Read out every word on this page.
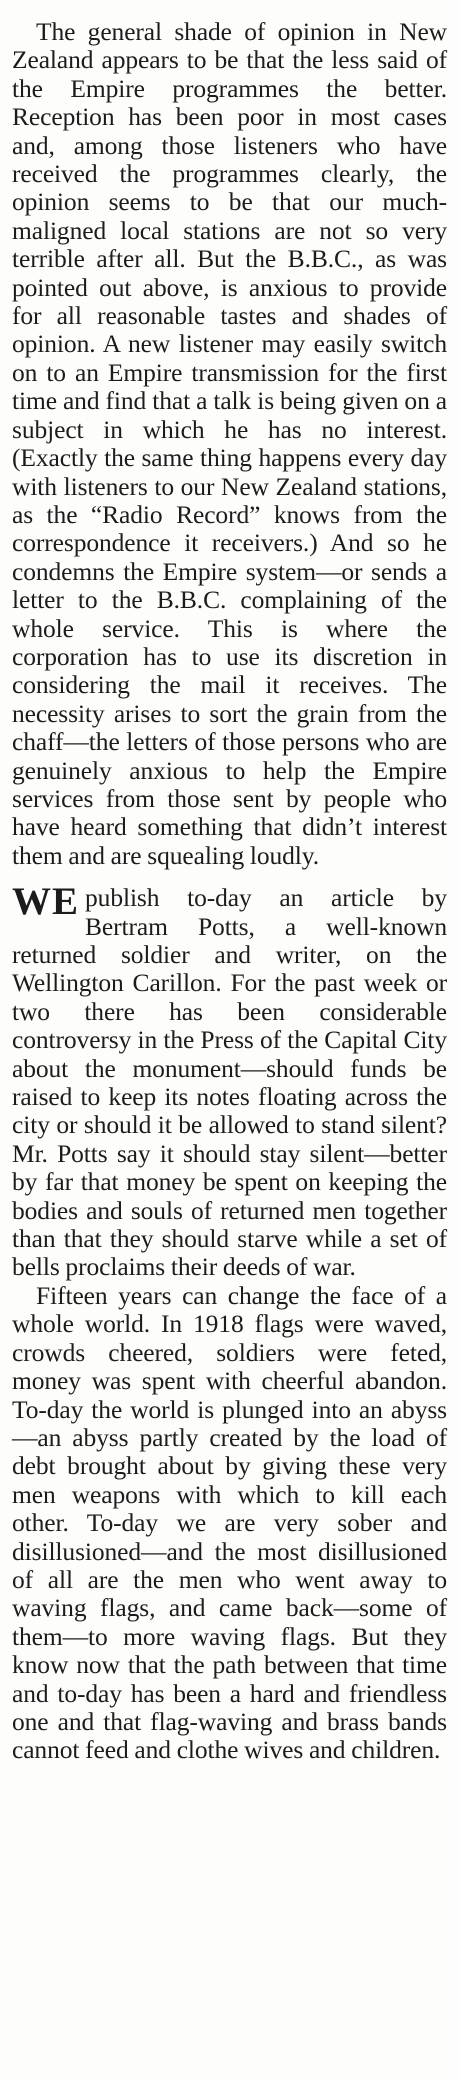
The general shade of opinion in New Zealand appears to be that the less said of the Empire programmes the better. Reception has been poor in most cases and, among those listeners who have received the programmes clearly, the opinion seems to be that our much-maligned local stations are not so very terrible after all. But the B.B.C., as was pointed out above, is anxious to provide for all reasonable tastes and shades of opinion. A new listener may easily switch on to an Empire transmission for the first time and find that a talk is being given on a subject in which he has no interest. (Exactly the same thing happens every day with listeners to our New Zealand stations, as the “Radio Record” knows from the correspondence it receivers.) And so he condemns the Empire system—or sends a letter to the B.B.C. complaining of the whole service. This is where the corporation has to use its discretion in considering the mail it receives. The necessity arises to sort the grain from the chaff—the letters of those persons who are genuinely anxious to help the Empire services from those sent by people who have heard something that didn’t interest them and are squealing loudly.

WE publish to-day an article by Bertram Potts, a well-known returned soldier and writer, on the Wellington Carillon. For the past week or two there has been considerable controversy in the Press of the Capital City about the monument—should funds be raised to keep its notes floating across the city or should it be allowed to stand silent? Mr. Potts say it should stay silent—better by far that money be spent on keeping the bodies and souls of returned men together than that they should starve while a set of bells proclaims their deeds of war.

Fifteen years can change the face of a whole world. In 1918 flags were waved, crowds cheered, soldiers were feted, money was spent with cheerful abandon. To-day the world is plunged into an abyss—an abyss partly created by the load of debt brought about by giving these very men weapons with which to kill each other. To-day we are very sober and disillusioned—and the most disillusioned of all are the men who went away to waving flags, and came back—some of them—to more waving flags. But they know now that the path between that time and to-day has been a hard and friendless one and that flag-waving and brass bands cannot feed and clothe wives and children.
